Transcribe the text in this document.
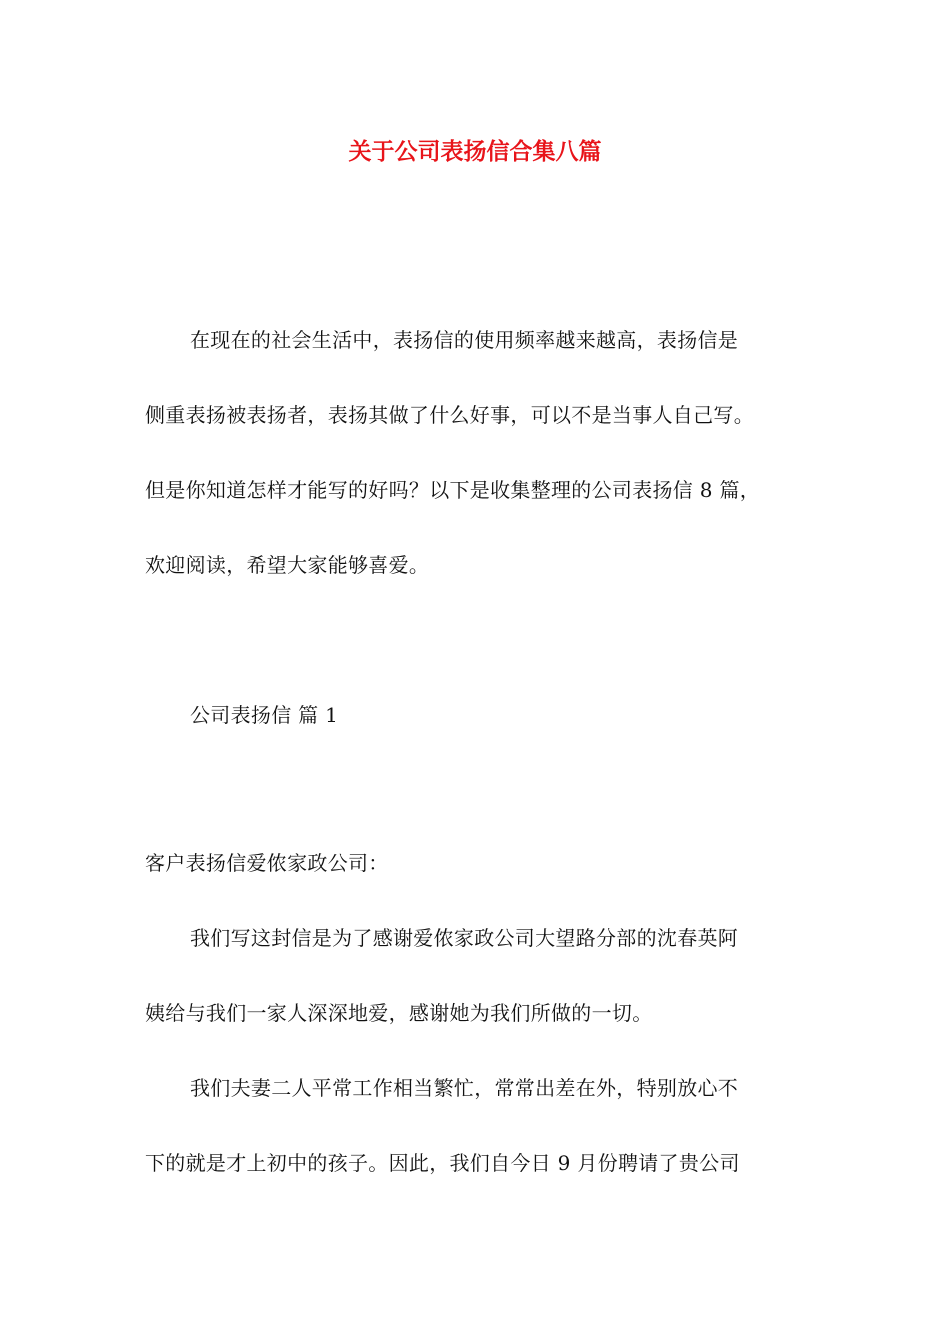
关于公司表扬信合集八篇
在现在的社会生活中，表扬信的使用频率越来越高，表扬信是
侧重表扬被表扬者，表扬其做了什么好事，可以不是当事人自己写。
但是你知道怎样才能写的好吗？以下是收集整理的公司表扬信 8 篇，
欢迎阅读，希望大家能够喜爱。
公司表扬信 篇 1
客户表扬信爱侬家政公司：
我们写这封信是为了感谢爱侬家政公司大望路分部的沈春英阿
姨给与我们一家人深深地爱，感谢她为我们所做的一切。
我们夫妻二人平常工作相当繁忙，常常出差在外，特别放心不
下的就是才上初中的孩子。因此，我们自今日 9 月份聘请了贵公司
